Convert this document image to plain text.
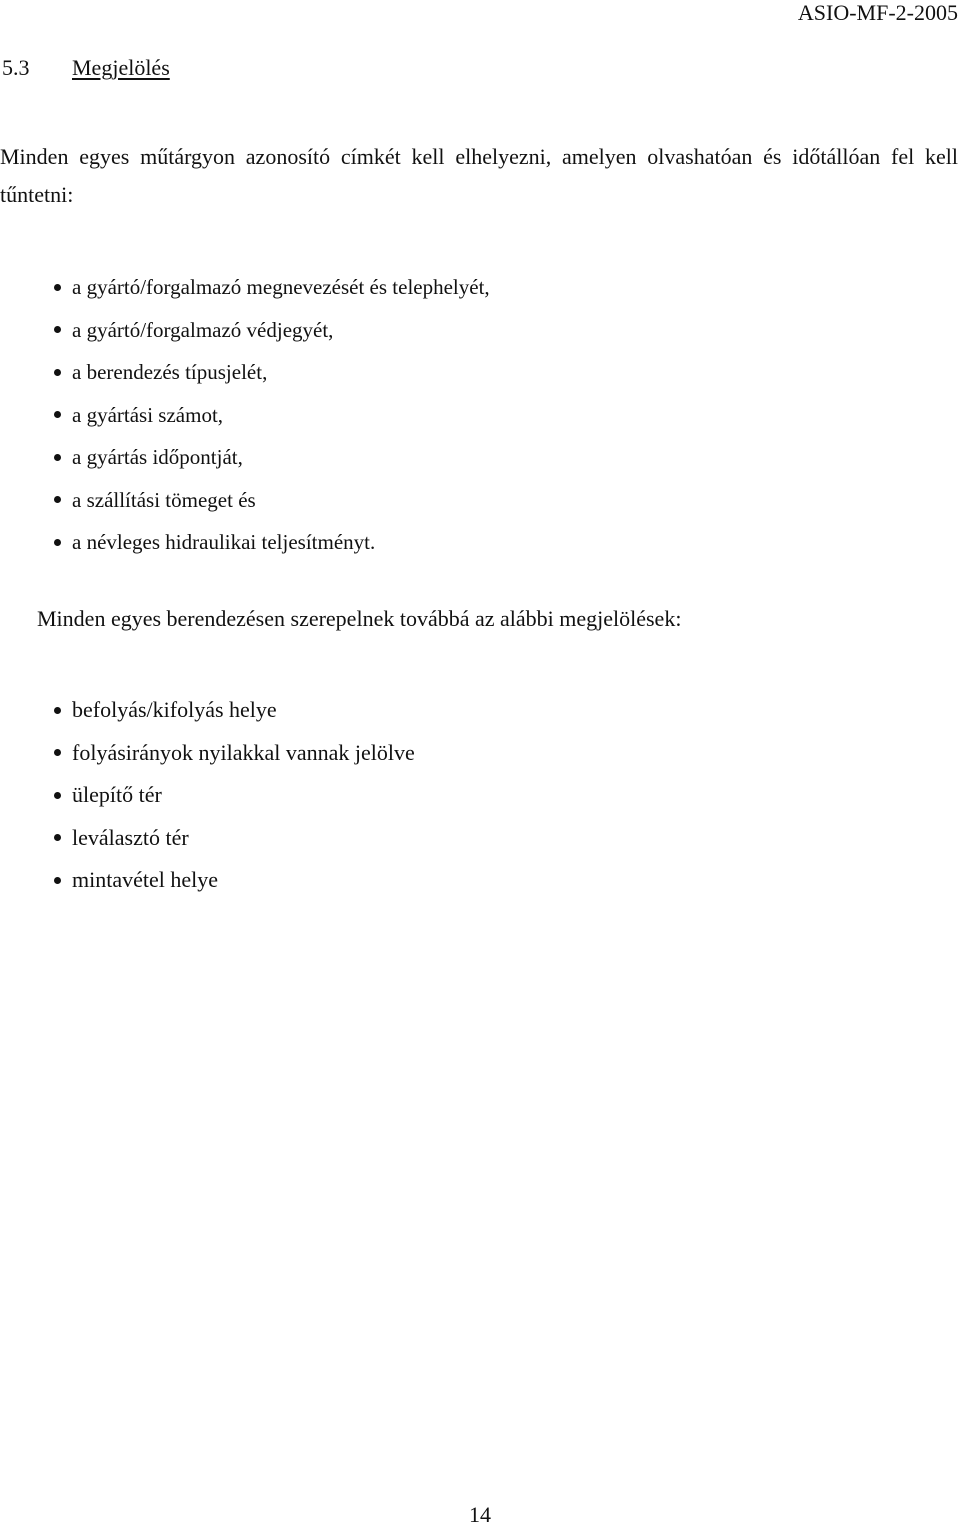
ASIO-MF-2-2005
5.3 Megjelölés

Minden egyes műtárgyon azonosító címkét kell elhelyezni, amelyen olvashatóan és időtállóan fel kell tűntetni:

a gyártó/forgalmazó megnevezését és telephelyét,
a gyártó/forgalmazó védjegyét,
a berendezés típusjelét,
a gyártási számot,
a gyártás időpontját,
a szállítási tömeget és
a névleges hidraulikai teljesítményt.

Minden egyes berendezésen szerepelnek továbbá az alábbi megjelölések:

befolyás/kifolyás helye
folyásirányok nyilakkal vannak jelölve
ülepítő tér
leválasztó tér
mintavétel helye
14
